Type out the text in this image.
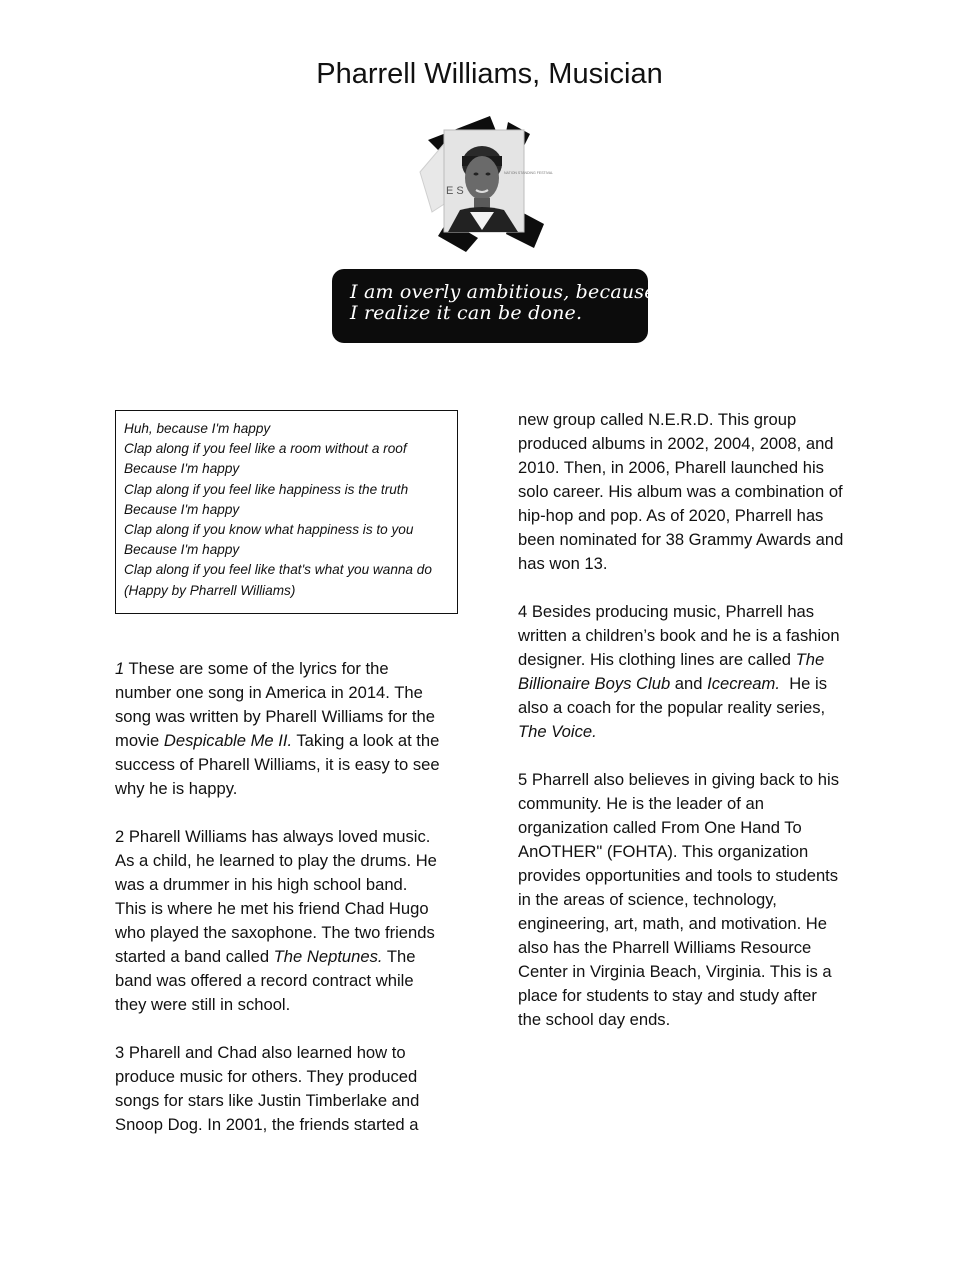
Pharrell Williams, Musician
E S
NATION STANDING FESTIVAL
I am overly ambitious, because
I realize it can be done.
Huh, because I'm happy
Clap along if you feel like a room without a roof
Because I'm happy
Clap along if you feel like happiness is the truth
Because I'm happy
Clap along if you know what happiness is to you
Because I'm happy
Clap along if you feel like that's what you wanna do
(Happy by Pharrell Williams)

1 These are some of the lyrics for the
number one song in America in 2014. The
song was written by Pharell Williams for the
movie Despicable Me II. Taking a look at the
success of Pharell Williams, it is easy to see
why he is happy.

2 Pharell Williams has always loved music.
As a child, he learned to play the drums. He
was a drummer in his high school band.
This is where he met his friend Chad Hugo
who played the saxophone. The two friends
started a band called The Neptunes. The
band was offered a record contract while
they were still in school.

3 Pharell and Chad also learned how to
produce music for others. They produced
songs for stars like Justin Timberlake and
Snoop Dog. In 2001, the friends started a

new group called N.E.R.D. This group
produced albums in 2002, 2004, 2008, and
2010. Then, in 2006, Pharell launched his
solo career. His album was a combination of
hip-hop and pop. As of 2020, Pharrell has
been nominated for 38 Grammy Awards and
has won 13.

4 Besides producing music, Pharrell has
written a children’s book and he is a fashion
designer. His clothing lines are called The
Billionaire Boys Club and Icecream.  He is
also a coach for the popular reality series,
The Voice.

5 Pharrell also believes in giving back to his
community. He is the leader of an
organization called From One Hand To
AnOTHER" (FOHTA). This organization
provides opportunities and tools to students
in the areas of science, technology,
engineering, art, math, and motivation. He
also has the Pharrell Williams Resource
Center in Virginia Beach, Virginia. This is a
place for students to stay and study after
the school day ends.
